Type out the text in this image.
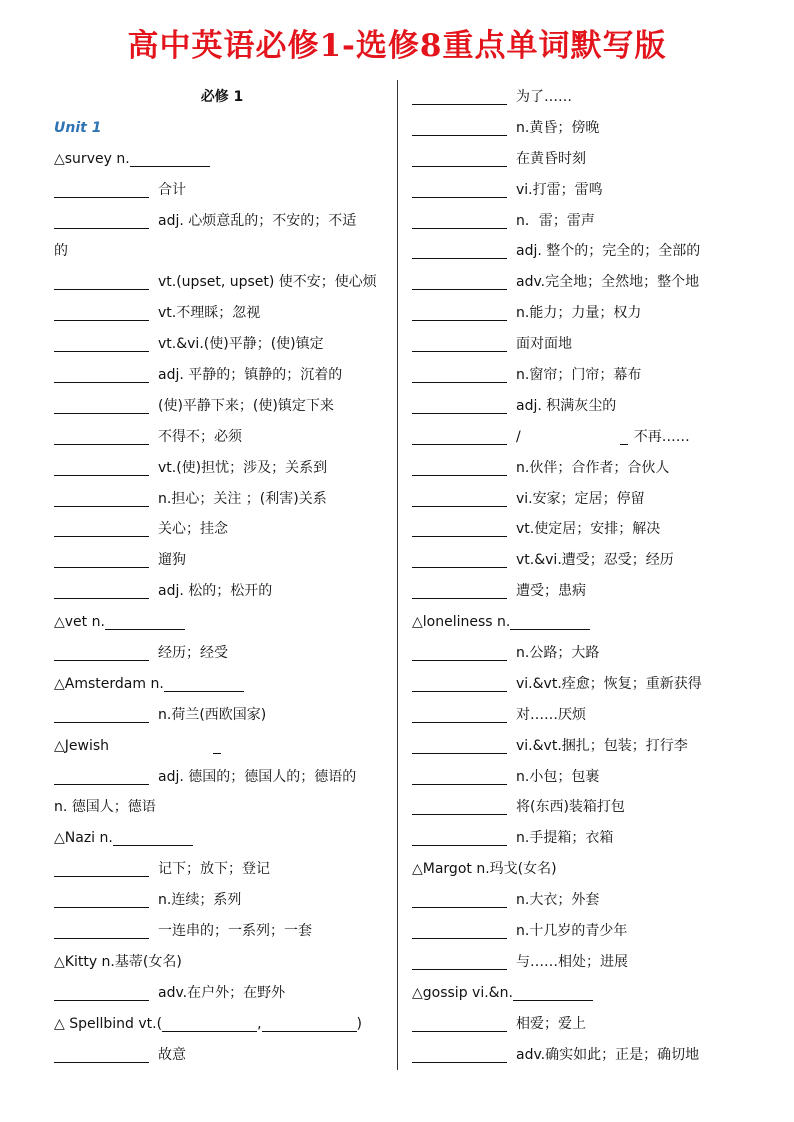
高中英语必修1-选修8重点单词默写版
必修 1
Unit 1
△survey n.
合计
adj. 心烦意乱的；不安的；不适
的
vt.(upset, upset) 使不安；使心烦
vt.不理睬；忽视
vt.&vi.(使)平静；(使)镇定
adj. 平静的；镇静的；沉着的
(使)平静下来；(使)镇定下来
不得不；必须
vt.(使)担忧；涉及；关系到
n.担心；关注 ；(利害)关系
关心；挂念
遛狗
adj. 松的；松开的
△vet n.
经历；经受
△Amsterdam n.
n.荷兰(西欧国家)
△Jewish
adj. 德国的；德国人的；德语的
n. 德国人；德语
△Nazi n.
记下；放下；登记
n.连续；系列
一连串的；一系列；一套
△Kitty n.基蒂(女名)
adv.在户外；在野外
△ Spellbind vt.(	,	)
故意
为了……
n.黄昏；傍晚
在黄昏时刻
vi.打雷；雷鸣
n．雷；雷声
adj. 整个的；完全的；全部的
adv.完全地；全然地；整个地
n.能力；力量；权力
面对面地
n.窗帘；门帘；幕布
adj. 积满灰尘的
/	不再……
n.伙伴；合作者；合伙人
vi.安家；定居；停留
vt.使定居；安排；解决
vt.&vi.遭受；忍受；经历
遭受；患病
△loneliness n.
n.公路；大路
vi.&vt.痊愈；恢复；重新获得
对……厌烦
vi.&vt.捆扎；包装；打行李
n.小包；包裹
将(东西)装箱打包
n.手提箱；衣箱
△Margot n.玛戈(女名)
n.大衣；外套
n.十几岁的青少年
与……相处；进展
△gossip vi.&n.
相爱；爱上
adv.确实如此；正是；确切地
